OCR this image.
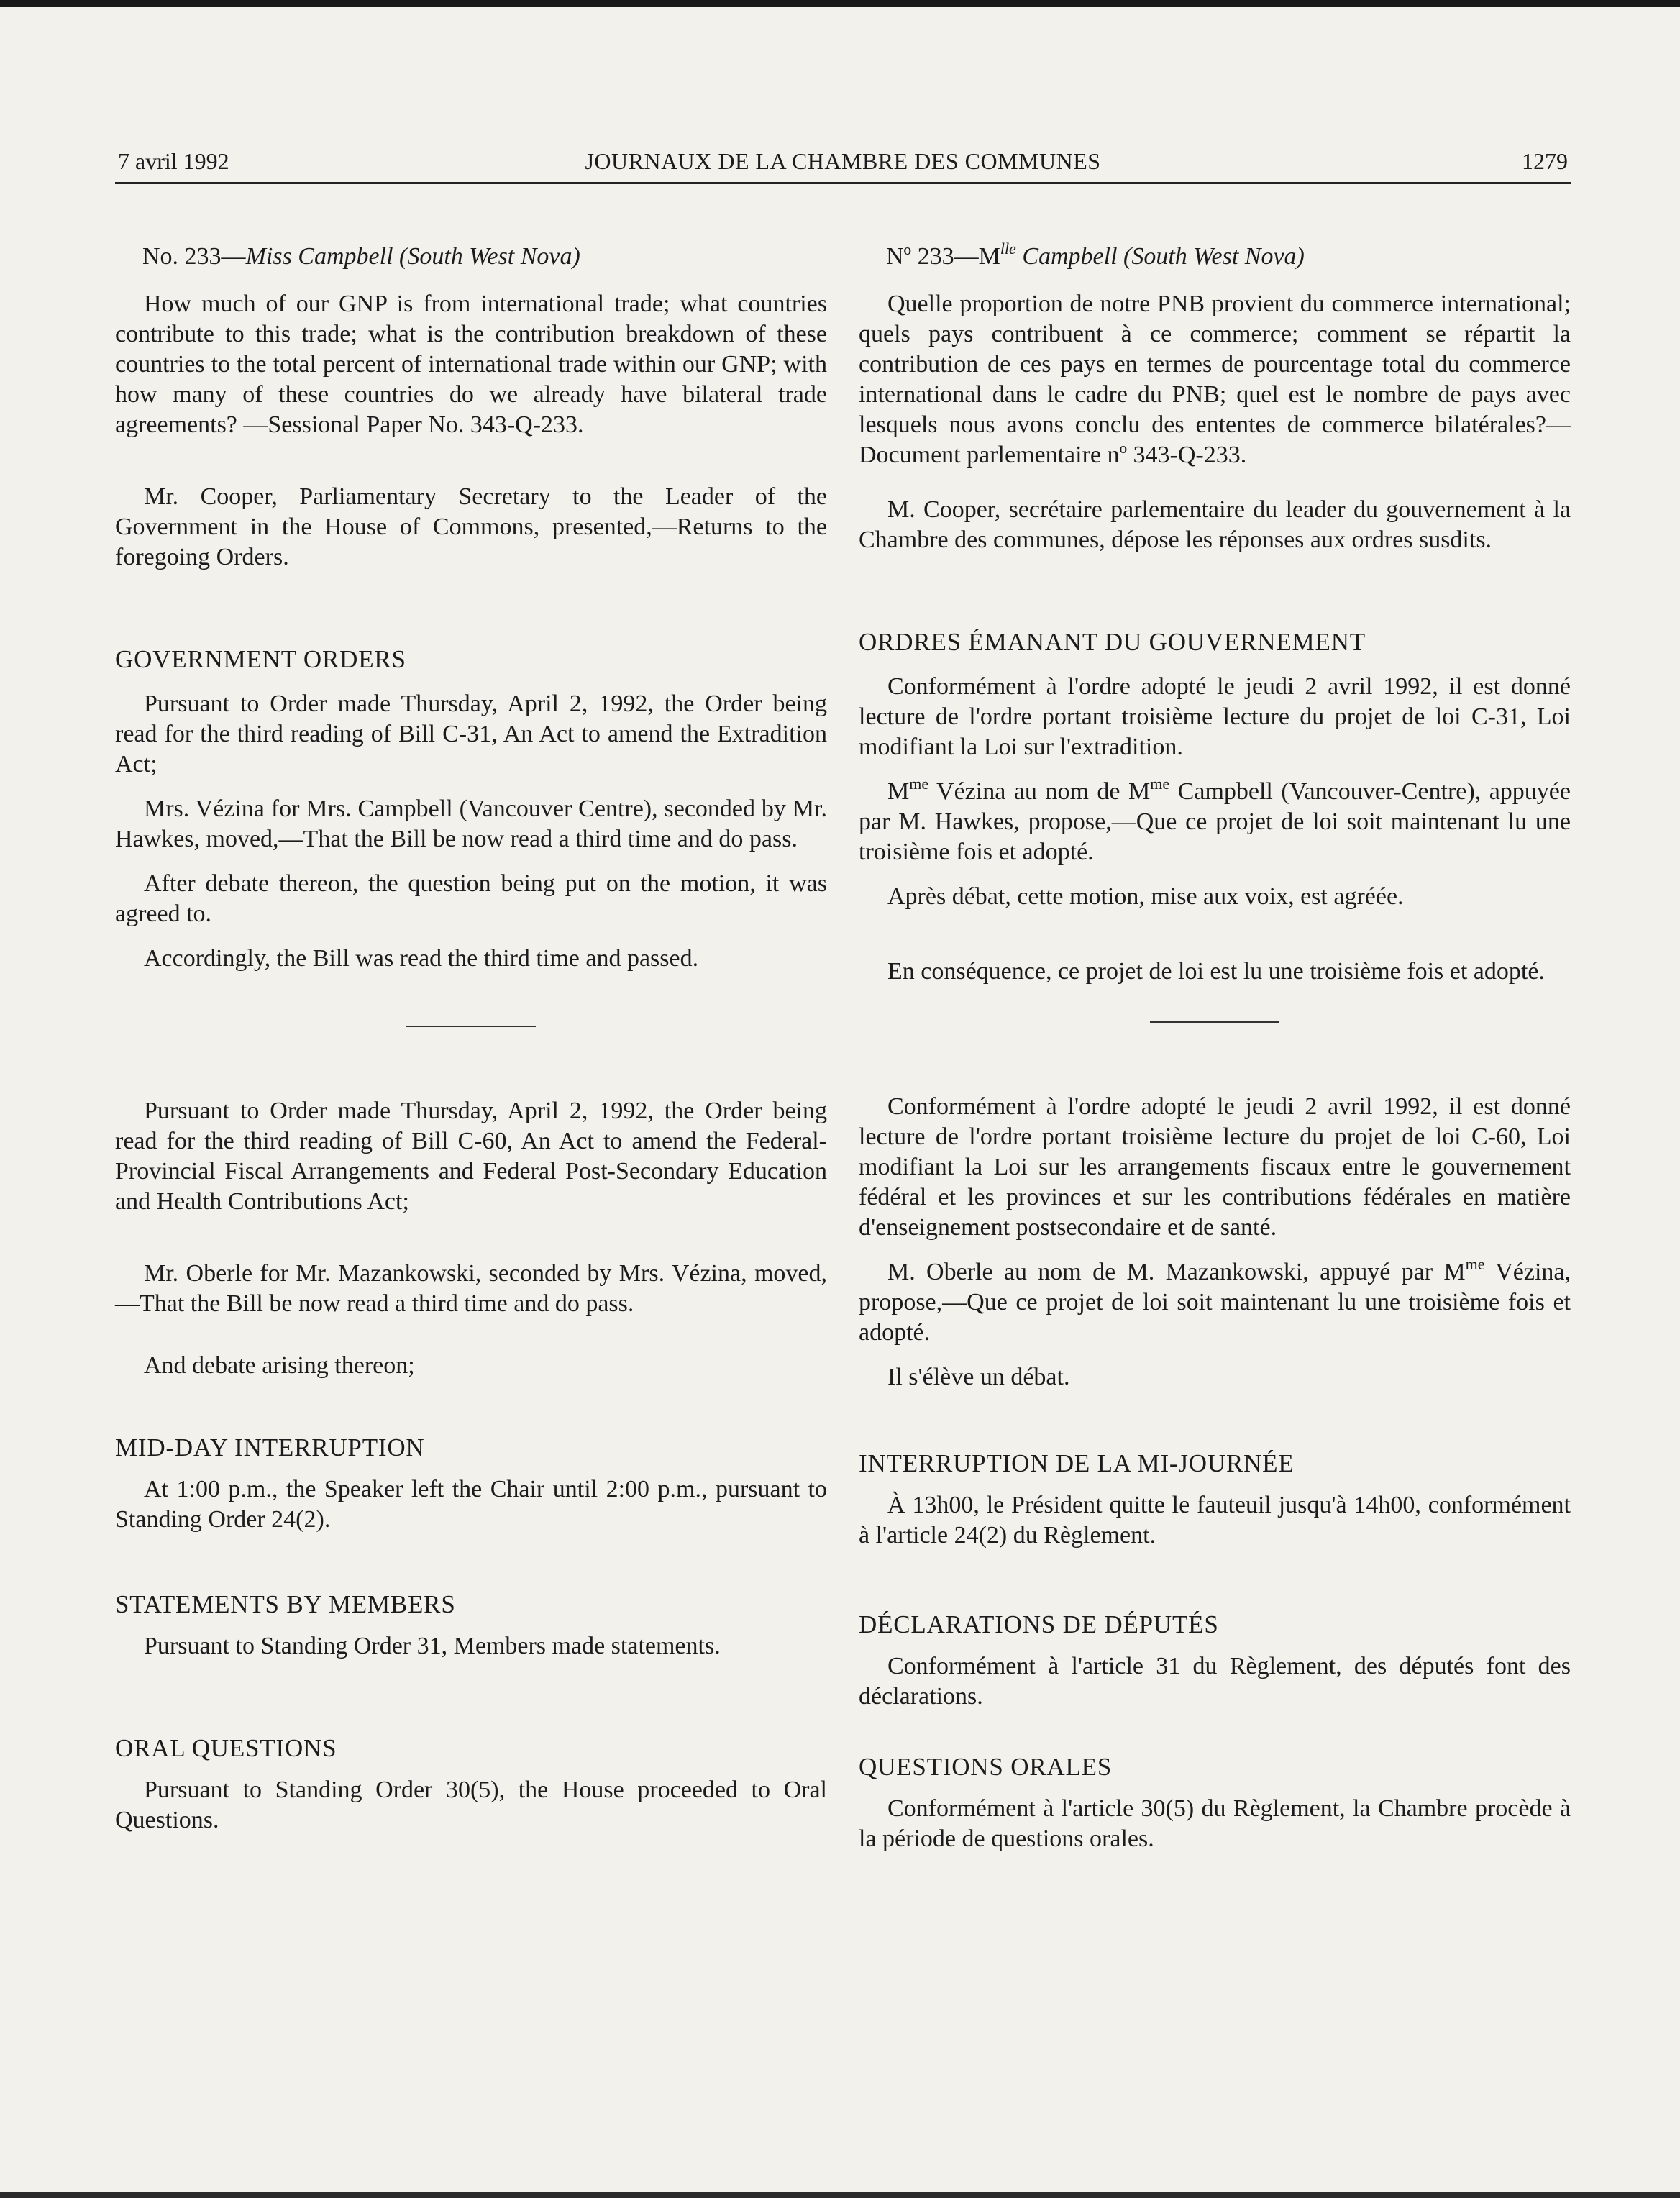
7 avril 1992	JOURNAUX DE LA CHAMBRE DES COMMUNES	1279

No. 233—Miss Campbell (South West Nova)

How much of our GNP is from international trade; what countries contribute to this trade; what is the contribution breakdown of these countries to the total percent of international trade within our GNP; with how many of these countries do we already have bilateral trade agreements? —Sessional Paper No. 343-Q-233.

Mr. Cooper, Parliamentary Secretary to the Leader of the Government in the House of Commons, presented,—Returns to the foregoing Orders.

GOVERNMENT ORDERS

Pursuant to Order made Thursday, April 2, 1992, the Order being read for the third reading of Bill C-31, An Act to amend the Extradition Act;

Mrs. Vézina for Mrs. Campbell (Vancouver Centre), seconded by Mr. Hawkes, moved,—That the Bill be now read a third time and do pass.

After debate thereon, the question being put on the motion, it was agreed to.

Accordingly, the Bill was read the third time and passed.

Pursuant to Order made Thursday, April 2, 1992, the Order being read for the third reading of Bill C-60, An Act to amend the Federal-Provincial Fiscal Arrangements and Federal Post-Secondary Education and Health Contributions Act;

Mr. Oberle for Mr. Mazankowski, seconded by Mrs. Vézina, moved,—That the Bill be now read a third time and do pass.

And debate arising thereon;

MID-DAY INTERRUPTION

At 1:00 p.m., the Speaker left the Chair until 2:00 p.m., pursuant to Standing Order 24(2).

STATEMENTS BY MEMBERS

Pursuant to Standing Order 31, Members made statements.

ORAL QUESTIONS

Pursuant to Standing Order 30(5), the House proceeded to Oral Questions.

Nº $233—M^{lle}$ Campbell (South West Nova)

Quelle proportion de notre PNB provient du commerce international; quels pays contribuent à ce commerce; comment se répartit la contribution de ces pays en termes de pourcentage total du commerce international dans le cadre du PNB; quel est le nombre de pays avec lesquels nous avons conclu des ententes de commerce bilatérales?—Document parlementaire nº 343-Q-233.

M. Cooper, secrétaire parlementaire du leader du gouvernement à la Chambre des communes, dépose les réponses aux ordres susdits.

ORDRES ÉMANANT DU GOUVERNEMENT

Conformément à l'ordre adopté le jeudi 2 avril 1992, il est donné lecture de l'ordre portant troisième lecture du projet de loi C-31, Loi modifiant la Loi sur l'extradition.

$M^{me}$ Vézina au nom de $M^{me}$ Campbell (Vancouver-Centre), appuyée par M. Hawkes, propose,—Que ce projet de loi soit maintenant lu une troisième fois et adopté.

Après débat, cette motion, mise aux voix, est agréée.

En conséquence, ce projet de loi est lu une troisième fois et adopté.

Conformément à l'ordre adopté le jeudi 2 avril 1992, il est donné lecture de l'ordre portant troisième lecture du projet de loi C-60, Loi modifiant la Loi sur les arrangements fiscaux entre le gouvernement fédéral et les provinces et sur les contributions fédérales en matière d'enseignement postsecondaire et de santé.

M. Oberle au nom de M. Mazankowski, appuyé par $M^{me}$ Vézina, propose,—Que ce projet de loi soit maintenant lu une troisième fois et adopté.

Il s'élève un débat.

INTERRUPTION DE LA MI-JOURNÉE

À 13h00, le Président quitte le fauteuil jusqu'à 14h00, conformément à l'article 24(2) du Règlement.

DÉCLARATIONS DE DÉPUTÉS

Conformément à l'article 31 du Règlement, des députés font des déclarations.

QUESTIONS ORALES

Conformément à l'article 30(5) du Règlement, la Chambre procède à la période de questions orales.
